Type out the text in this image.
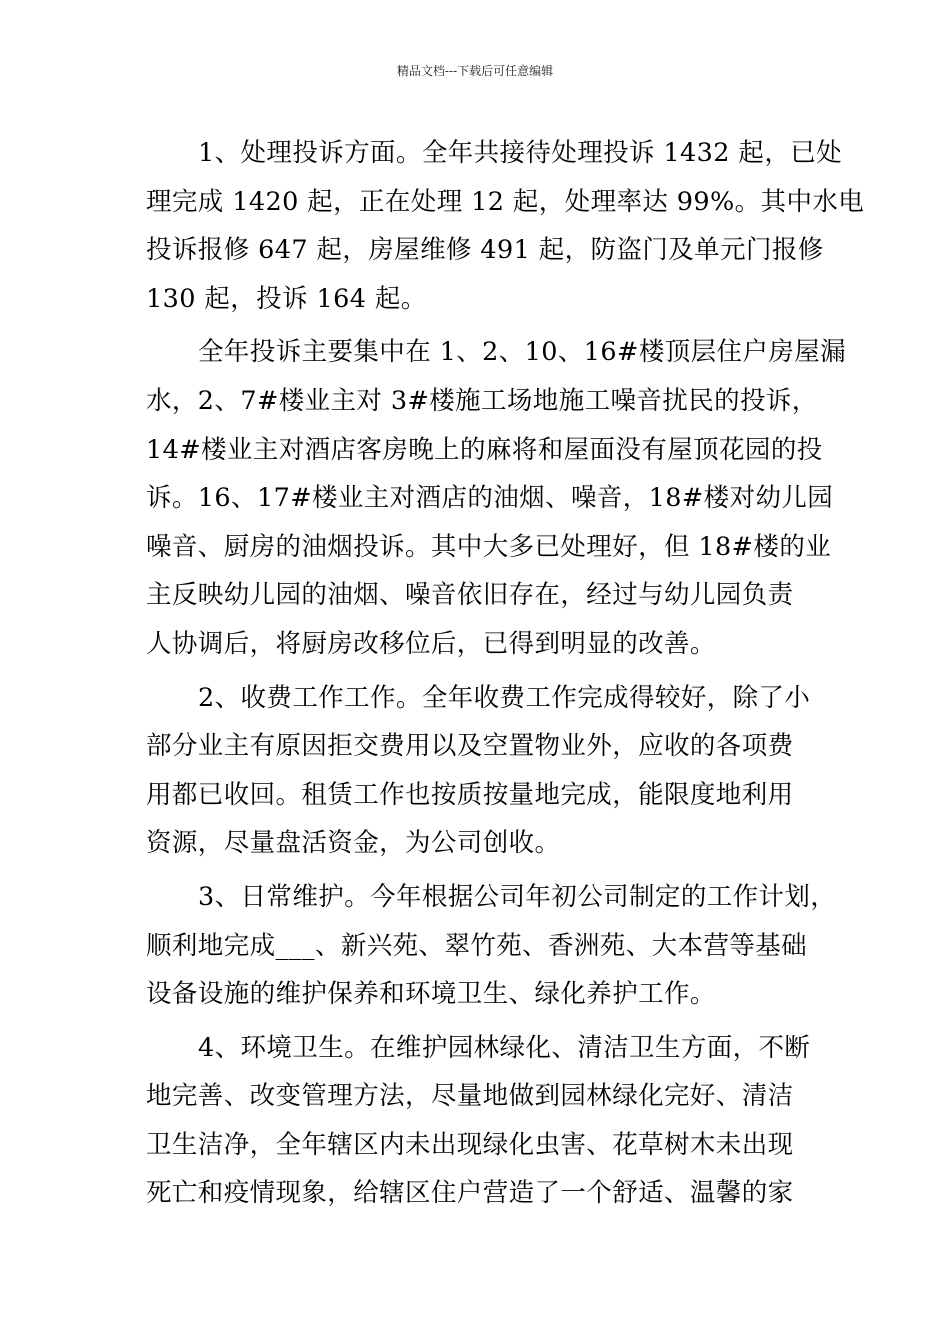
精品文档---下载后可任意编辑

1、处理投诉方面。全年共接待处理投诉 1432 起，已处
理完成 1420 起，正在处理 12 起，处理率达 99%。其中水电
投诉报修 647 起，房屋维修 491 起，防盗门及单元门报修
130 起，投诉 164 起。

全年投诉主要集中在 1、2、10、16#楼顶层住户房屋漏
水，2、7#楼业主对 3#楼施工场地施工噪音扰民的投诉，
14#楼业主对酒店客房晚上的麻将和屋面没有屋顶花园的投
诉。16、17#楼业主对酒店的油烟、噪音，18#楼对幼儿园
噪音、厨房的油烟投诉。其中大多已处理好，但 18#楼的业
主反映幼儿园的油烟、噪音依旧存在，经过与幼儿园负责
人协调后，将厨房改移位后，已得到明显的改善。

2、收费工作工作。全年收费工作完成得较好，除了小
部分业主有原因拒交费用以及空置物业外，应收的各项费
用都已收回。租赁工作也按质按量地完成，能限度地利用
资源，尽量盘活资金，为公司创收。

3、日常维护。今年根据公司年初公司制定的工作计划，
顺利地完成___、新兴苑、翠竹苑、香洲苑、大本营等基础
设备设施的维护保养和环境卫生、绿化养护工作。

4、环境卫生。在维护园林绿化、清洁卫生方面，不断
地完善、改变管理方法，尽量地做到园林绿化完好、清洁
卫生洁净，全年辖区内未出现绿化虫害、花草树木未出现
死亡和疫情现象，给辖区住户营造了一个舒适、温馨的家
